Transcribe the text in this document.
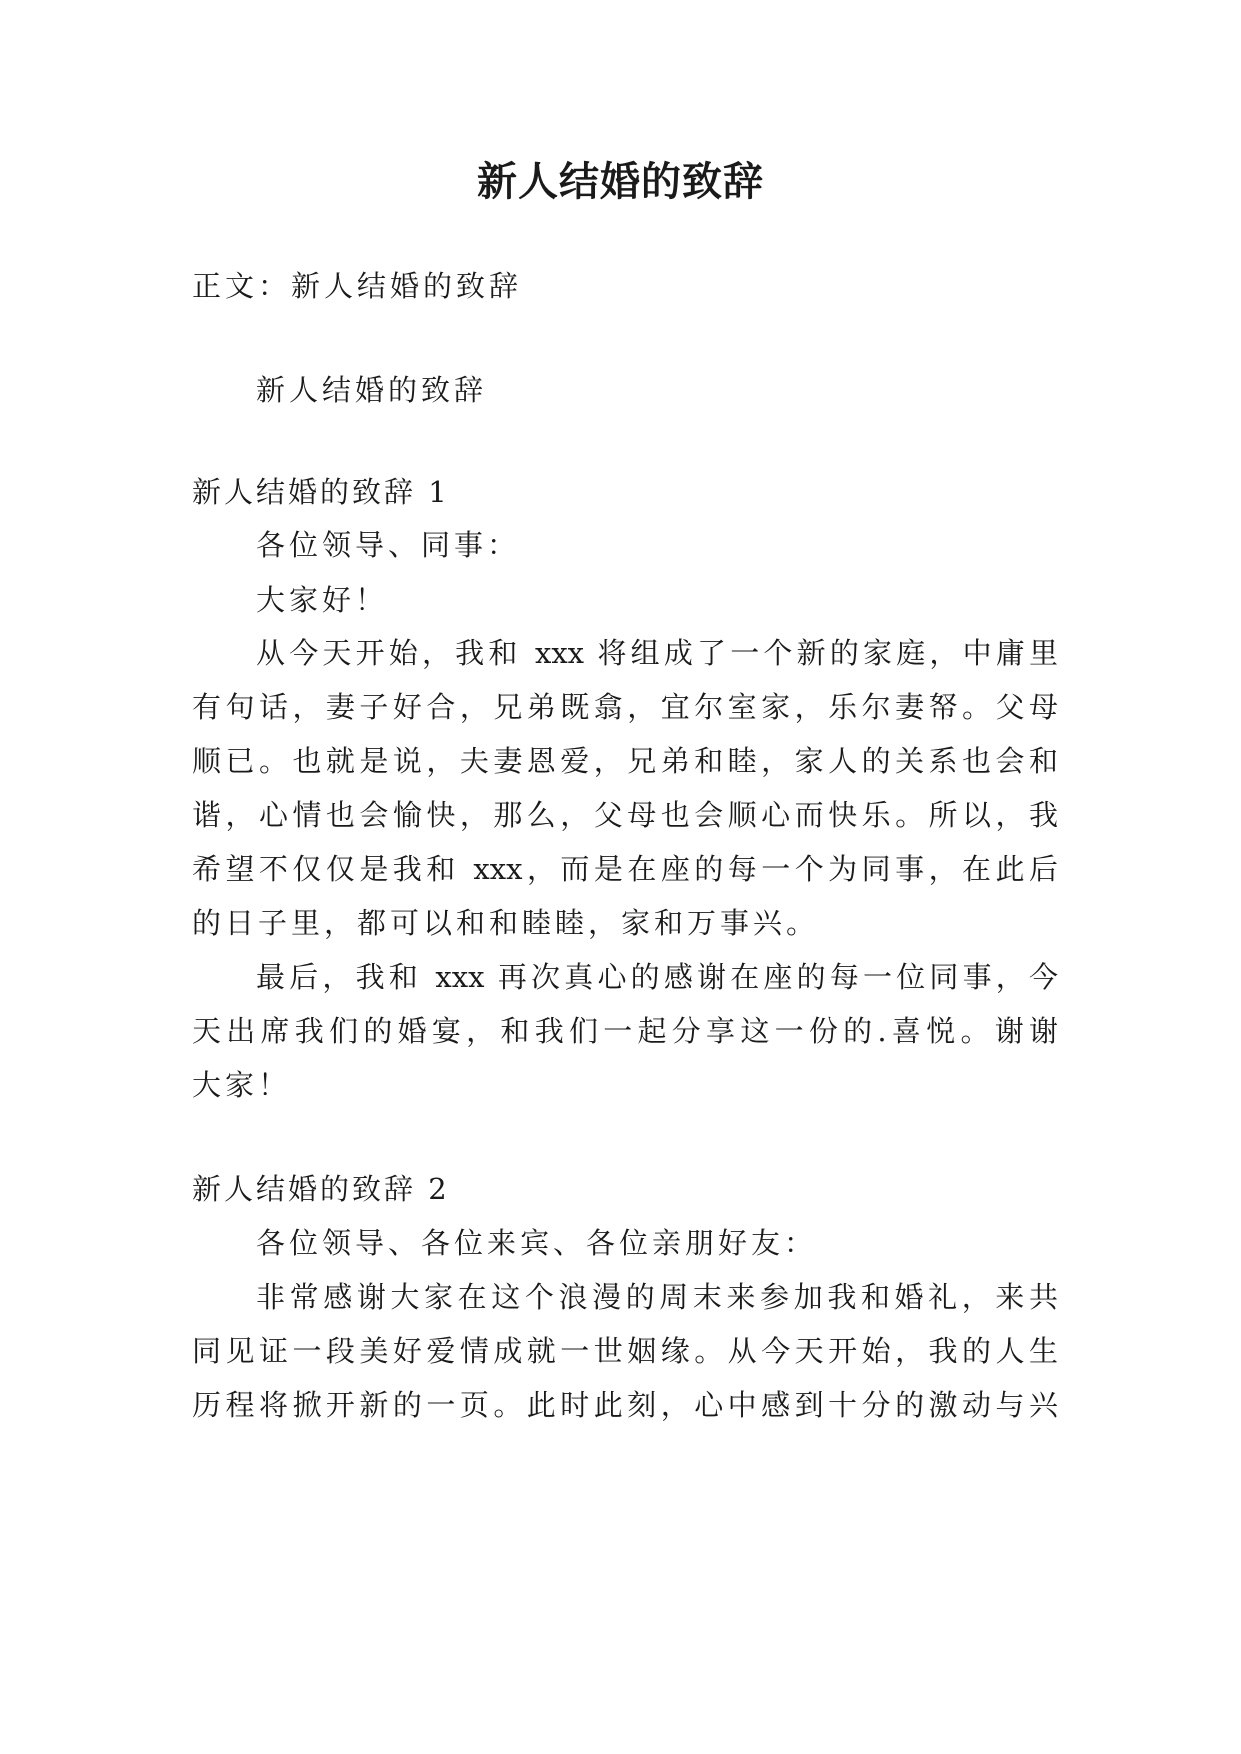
新人结婚的致辞

正文：新人结婚的致辞

新人结婚的致辞

新人结婚的致辞 1

各位领导、同事：

大家好！

从今天开始，我和 xxx 将组成了一个新的家庭，中庸里

有句话，妻子好合，兄弟既翕，宜尔室家，乐尔妻帑。父母

顺已。也就是说，夫妻恩爱，兄弟和睦，家人的关系也会和

谐，心情也会愉快，那么，父母也会顺心而快乐。所以，我

希望不仅仅是我和 xxx，而是在座的每一个为同事，在此后

的日子里，都可以和和睦睦，家和万事兴。

最后，我和 xxx 再次真心的感谢在座的每一位同事，今

天出席我们的婚宴，和我们一起分享这一份的.喜悦。谢谢

大家！

新人结婚的致辞 2

各位领导、各位来宾、各位亲朋好友：

非常感谢大家在这个浪漫的周末来参加我和婚礼，来共

同见证一段美好爱情成就一世姻缘。从今天开始，我的人生

历程将掀开新的一页。此时此刻，心中感到十分的激动与兴
